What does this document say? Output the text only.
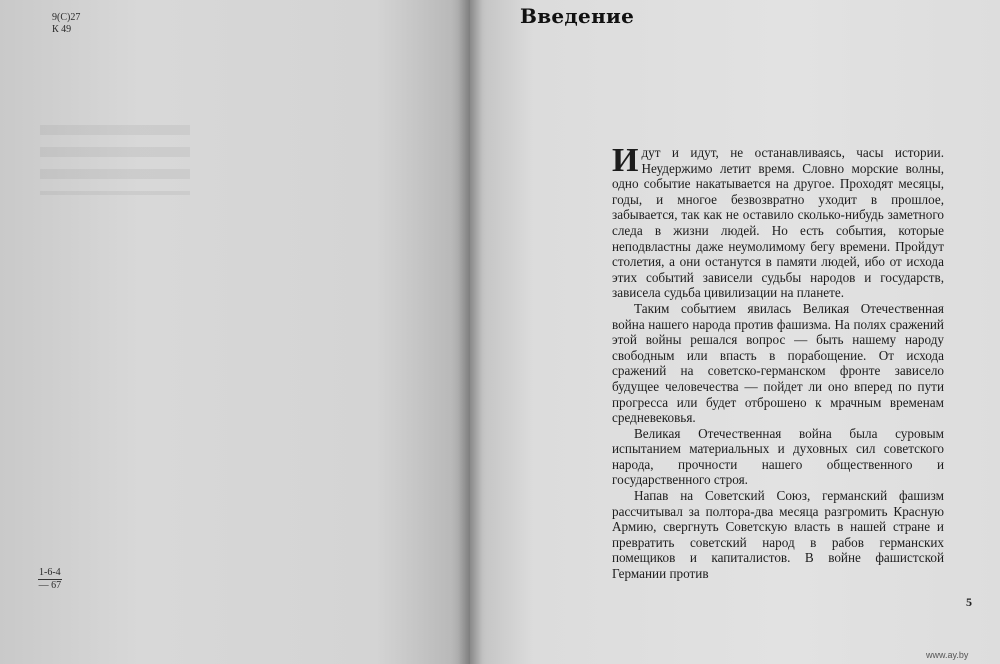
9(С)27
К 49
1-6-4
— 67
Введение

Идут и идут, не останавливаясь, часы истории. Неудержимо летит время. Словно морские волны, одно событие накатывается на другое. Проходят месяцы, годы, и многое безвозвратно уходит в прошлое, забывается, так как не оставило сколько-нибудь заметного следа в жизни людей. Но есть события, которые неподвластны даже неумолимому бегу времени. Пройдут столетия, а они останутся в памяти людей, ибо от исхода этих событий зависели судьбы народов и государств, зависела судьба цивилизации на планете.

Таким событием явилась Великая Отечественная война нашего народа против фашизма. На полях сражений этой войны решался вопрос — быть нашему народу свободным или впасть в порабощение. От исхода сражений на советско-германском фронте зависело будущее человечества — пойдет ли оно вперед по пути прогресса или будет отброшено к мрачным временам средневековья.

Великая Отечественная война была суровым испытанием материальных и духовных сил советского народа, прочности нашего общественного и государственного строя.

Напав на Советский Союз, германский фашизм рассчитывал за полтора-два месяца разгромить Красную Армию, свергнуть Советскую власть в нашей стране и превратить советский народ в рабов германских помещиков и капиталистов. В войне фашистской Германии против

5
www.ay.by
